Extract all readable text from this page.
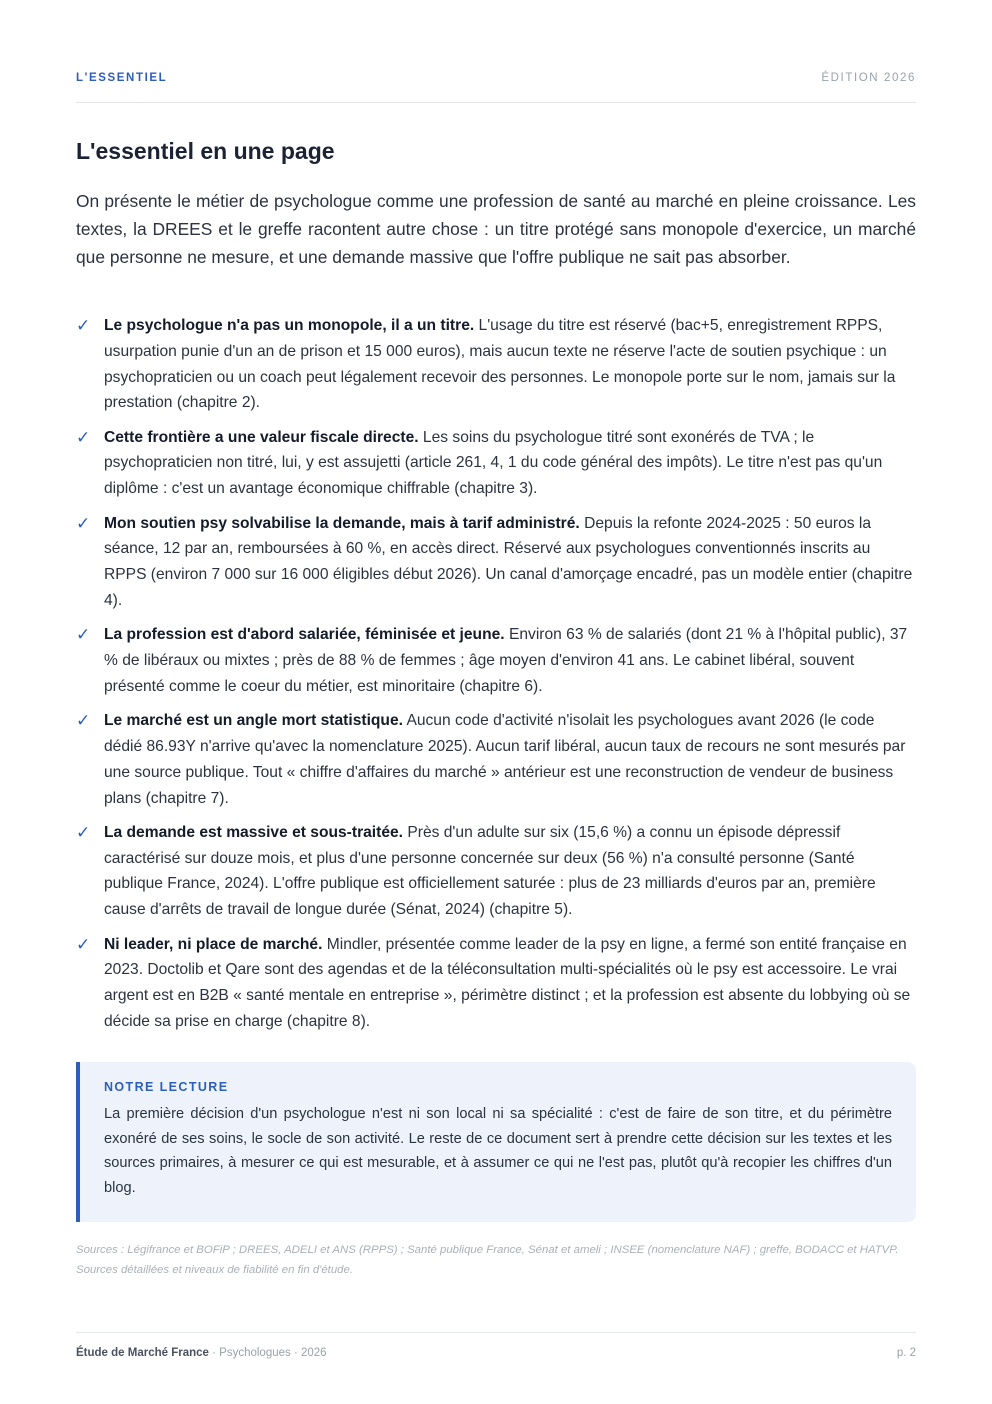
L'ESSENTIEL	ÉDITION 2026
L'essentiel en une page

On présente le métier de psychologue comme une profession de santé au marché en pleine croissance. Les textes, la DREES et le greffe racontent autre chose : un titre protégé sans monopole d'exercice, un marché que personne ne mesure, et une demande massive que l'offre publique ne sait pas absorber.

✓ Le psychologue n'a pas un monopole, il a un titre. L'usage du titre est réservé (bac+5, enregistrement RPPS, usurpation punie d'un an de prison et 15 000 euros), mais aucun texte ne réserve l'acte de soutien psychique : un psychopraticien ou un coach peut légalement recevoir des personnes. Le monopole porte sur le nom, jamais sur la prestation (chapitre 2).
✓ Cette frontière a une valeur fiscale directe. Les soins du psychologue titré sont exonérés de TVA ; le psychopraticien non titré, lui, y est assujetti (article 261, 4, 1 du code général des impôts). Le titre n'est pas qu'un diplôme : c'est un avantage économique chiffrable (chapitre 3).
✓ Mon soutien psy solvabilise la demande, mais à tarif administré. Depuis la refonte 2024-2025 : 50 euros la séance, 12 par an, remboursées à 60 %, en accès direct. Réservé aux psychologues conventionnés inscrits au RPPS (environ 7 000 sur 16 000 éligibles début 2026). Un canal d'amorçage encadré, pas un modèle entier (chapitre 4).
✓ La profession est d'abord salariée, féminisée et jeune. Environ 63 % de salariés (dont 21 % à l'hôpital public), 37 % de libéraux ou mixtes ; près de 88 % de femmes ; âge moyen d'environ 41 ans. Le cabinet libéral, souvent présenté comme le coeur du métier, est minoritaire (chapitre 6).
✓ Le marché est un angle mort statistique. Aucun code d'activité n'isolait les psychologues avant 2026 (le code dédié 86.93Y n'arrive qu'avec la nomenclature 2025). Aucun tarif libéral, aucun taux de recours ne sont mesurés par une source publique. Tout « chiffre d'affaires du marché » antérieur est une reconstruction de vendeur de business plans (chapitre 7).
✓ La demande est massive et sous-traitée. Près d'un adulte sur six (15,6 %) a connu un épisode dépressif caractérisé sur douze mois, et plus d'une personne concernée sur deux (56 %) n'a consulté personne (Santé publique France, 2024). L'offre publique est officiellement saturée : plus de 23 milliards d'euros par an, première cause d'arrêts de travail de longue durée (Sénat, 2024) (chapitre 5).
✓ Ni leader, ni place de marché. Mindler, présentée comme leader de la psy en ligne, a fermé son entité française en 2023. Doctolib et Qare sont des agendas et de la téléconsultation multi-spécialités où le psy est accessoire. Le vrai argent est en B2B « santé mentale en entreprise », périmètre distinct ; et la profession est absente du lobbying où se décide sa prise en charge (chapitre 8).
NOTRE LECTURE
La première décision d'un psychologue n'est ni son local ni sa spécialité : c'est de faire de son titre, et du périmètre exonéré de ses soins, le socle de son activité. Le reste de ce document sert à prendre cette décision sur les textes et les sources primaires, à mesurer ce qui est mesurable, et à assumer ce qui ne l'est pas, plutôt qu'à recopier les chiffres d'un blog.
Sources : Légifrance et BOFiP ; DREES, ADELI et ANS (RPPS) ; Santé publique France, Sénat et ameli ; INSEE (nomenclature NAF) ; greffe, BODACC et HATVP. Sources détaillées et niveaux de fiabilité en fin d'étude.
Étude de Marché France · Psychologues · 2026	p. 2
